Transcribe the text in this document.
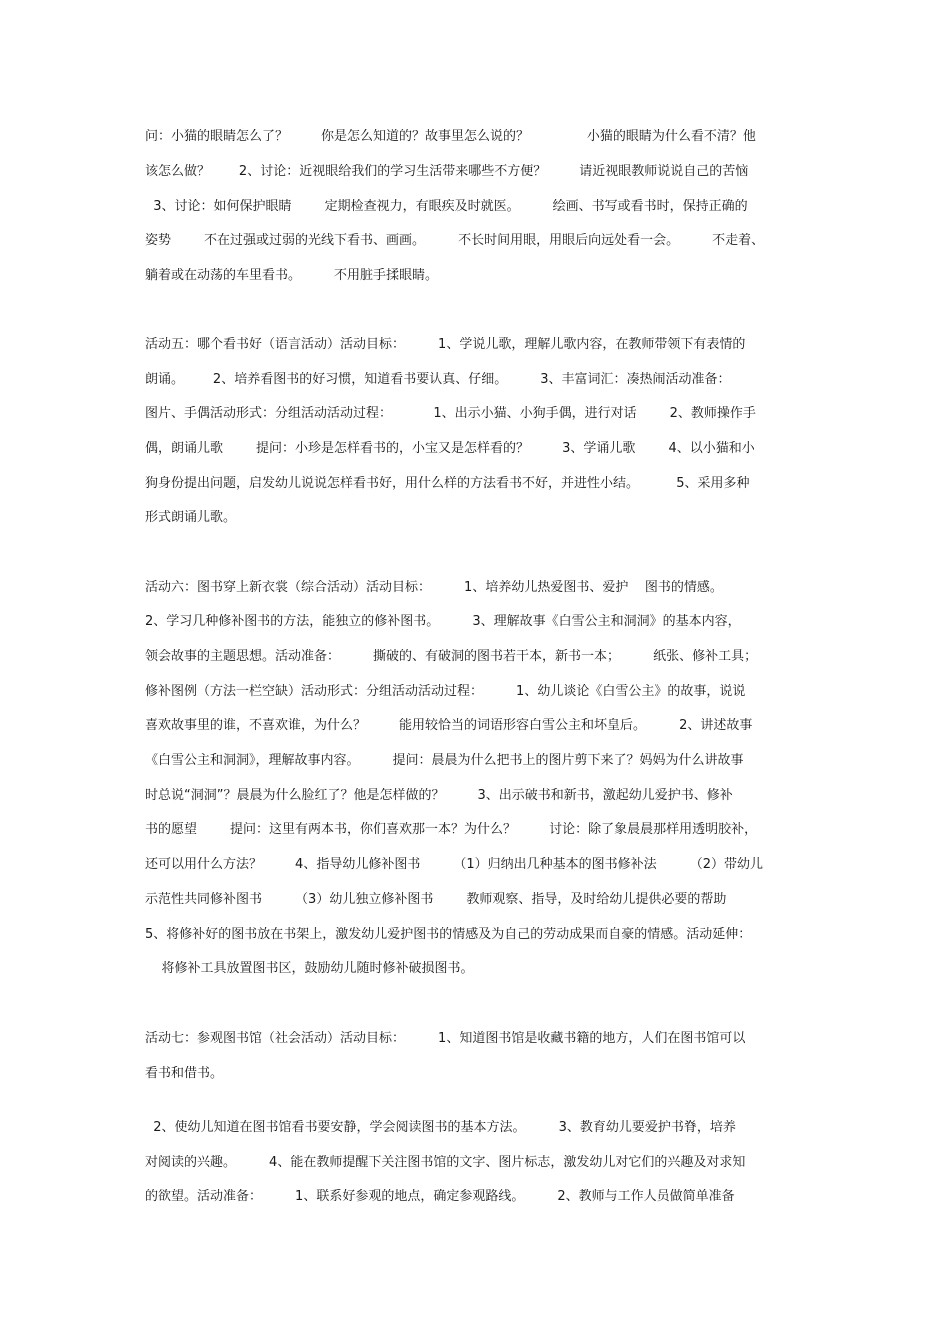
问：小猫的眼睛怎么了？        你是怎么知道的？故事里怎么说的？              小猫的眼睛为什么看不清？他
该怎么做？       2、讨论：近视眼给我们的学习生活带来哪些不方便？        请近视眼教师说说自己的苦恼
3、讨论：如何保护眼睛        定期检查视力，有眼疾及时就医。        绘画、书写或看书时，保持正确的
姿势        不在过强或过弱的光线下看书、画画。        不长时间用眼，用眼后向远处看一会。        不走着、
躺着或在动荡的车里看书。        不用脏手揉眼睛。
活动五：哪个看书好（语言活动）活动目标：        1、学说儿歌，理解儿歌内容，在教师带领下有表情的
朗诵。       2、培养看图书的好习惯，知道看书要认真、仔细。        3、丰富词汇：凑热闹活动准备：
图片、手偶活动形式：分组活动活动过程：          1、出示小猫、小狗手偶，进行对话        2、教师操作手
偶，朗诵儿歌        提问：小珍是怎样看书的，小宝又是怎样看的？        3、学诵儿歌        4、以小猫和小
狗身份提出问题，启发幼儿说说怎样看书好，用什么样的方法看书不好，并进性小结。         5、采用多种
形式朗诵儿歌。
活动六：图书穿上新衣裳（综合活动）活动目标：        1、培养幼儿热爱图书、爱护    图书的情感。
2、学习几种修补图书的方法，能独立的修补图书。        3、理解故事《白雪公主和洞洞》的基本内容，
领会故事的主题思想。活动准备：        撕破的、有破洞的图书若干本，新书一本；        纸张、修补工具；
修补图例（方法一栏空缺）活动形式：分组活动活动过程：        1、幼儿谈论《白雪公主》的故事，说说
喜欢故事里的谁，不喜欢谁，为什么？        能用较恰当的词语形容白雪公主和坏皇后。        2、讲述故事
《白雪公主和洞洞》，理解故事内容。        提问：晨晨为什么把书上的图片剪下来了？妈妈为什么讲故事
时总说“洞洞”？晨晨为什么脸红了？他是怎样做的？        3、出示破书和新书，激起幼儿爱护书、修补
书的愿望        提问：这里有两本书，你们喜欢那一本？为什么？        讨论：除了象晨晨那样用透明胶补，
还可以用什么方法？        4、指导幼儿修补图书        （1）归纳出几种基本的图书修补法        （2）带幼儿
示范性共同修补图书        （3）幼儿独立修补图书        教师观察、指导，及时给幼儿提供必要的帮助
5、将修补好的图书放在书架上，激发幼儿爱护图书的情感及为自己的劳动成果而自豪的情感。活动延伸：
将修补工具放置图书区，鼓励幼儿随时修补破损图书。
活动七：参观图书馆（社会活动）活动目标：        1、知道图书馆是收藏书籍的地方，人们在图书馆可以
看书和借书。
2、使幼儿知道在图书馆看书要安静，学会阅读图书的基本方法。        3、教育幼儿要爱护书脊，培养
对阅读的兴趣。        4、能在教师提醒下关注图书馆的文字、图片标志，激发幼儿对它们的兴趣及对求知
的欲望。活动准备：        1、联系好参观的地点，确定参观路线。        2、教师与工作人员做简单准备
